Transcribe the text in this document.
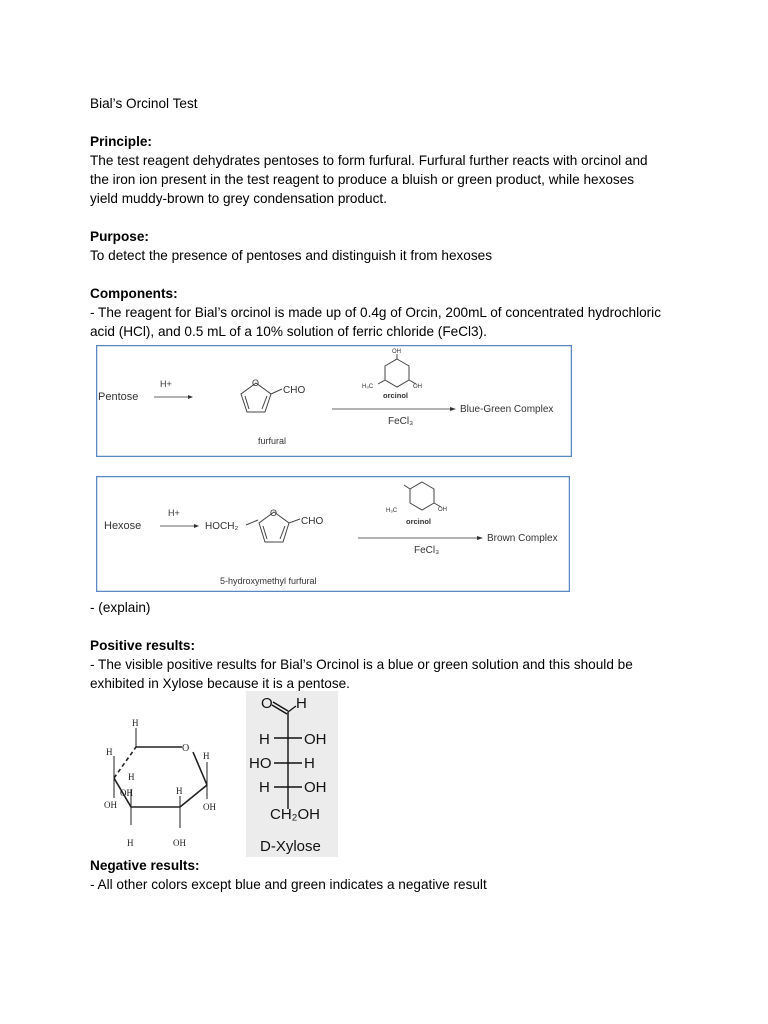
Bial’s Orcinol Test
Principle:
The test reagent dehydrates pentoses to form furfural. Furfural further reacts with orcinol and
the iron ion present in the test reagent to produce a bluish or green product, while hexoses
yield muddy-brown to grey condensation product.
Purpose:
To detect the presence of pentoses and distinguish it from hexoses
Components:
- The reagent for Bial’s orcinol is made up of 0.4g of Orcin, 200mL of concentrated hydrochloric
acid (HCl), and 0.5 mL of a 10% solution of ferric chloride (FeCl3).
Pentose
H+	O
CHO
furfural
OH
OH
H₃C
orcinol
FeCl₃
Blue-Green Complex
Hexose
H+
HOCH₂
O
CHO
5-hydroxymethyl furfural
OH
H₃C
orcinol
FeCl₃
Brown Complex
- (explain)
Positive results:
- The visible positive results for Bial’s Orcinol is a blue or green solution and this should be
exhibited in Xylose because it is a pentose.
H
O
H	H
H
OH
OH
H
OH
H	OH
O H
H OH
HO H
H OH
CH₂OH
D-Xylose
Negative results:
- All other colors except blue and green indicates a negative result
